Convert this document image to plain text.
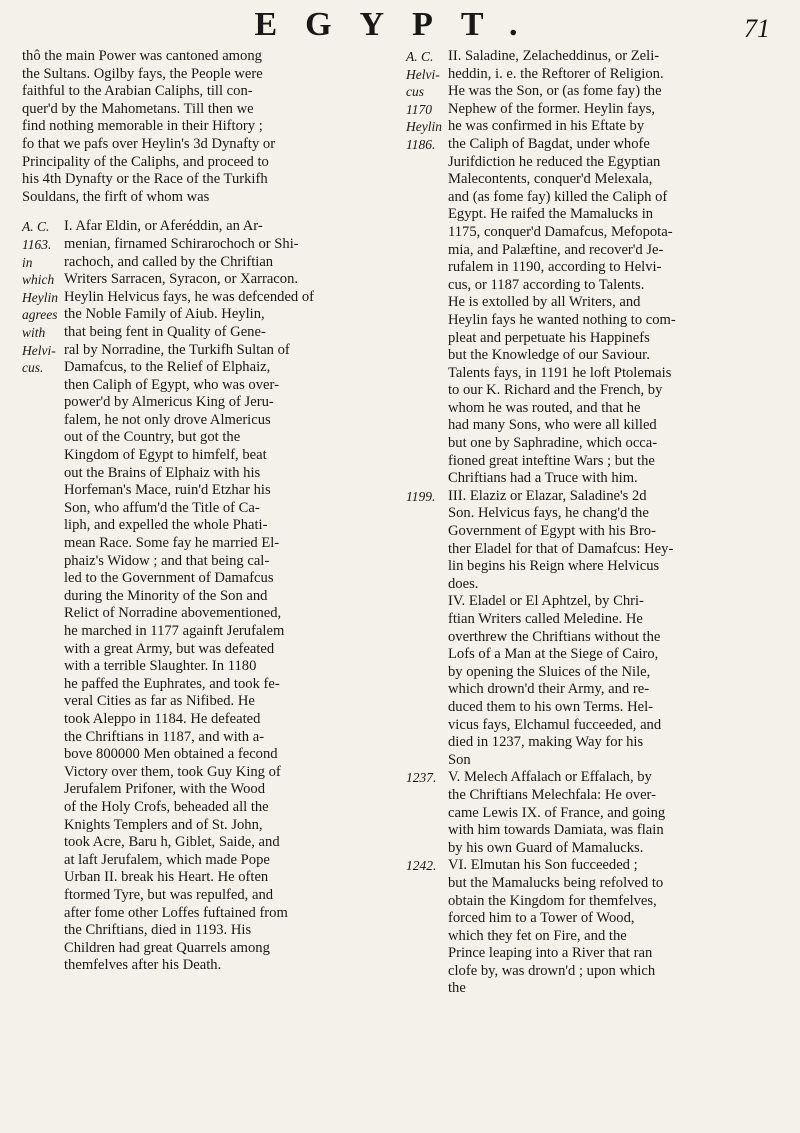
EGYPT.	71
thô the main Power was cantoned among
the Sultans. Ogilby fays, the People were
faithful to the Arabian Caliphs, till con-
quer'd by the Mahometans. Till then we
find nothing memorable in their Hiftory ;
fo that we pafs over Heylin's 3d Dynafty or
Principality of the Caliphs, and proceed to
his 4th Dynafty or the Race of the Turkifh
Souldans, the firft of whom was
A. C.
1163.
in
which
Heylin
agrees
with
Helvi-
cus.
I. Afar Eldin, or Aferéddin, an Ar-
menian, firnamed Schirarochoch or Shi-
rachoch, and called by the Chriftian
Writers Sarracen, Syracon, or Xarracon.
Heylin Helvicus fays, he was defcended of
the Noble Family of Aiub. Heylin,
that being fent in Quality of Gene-
ral by Norradine, the Turkifh Sultan of
Damafcus, to the Relief of Elphaiz,
then Caliph of Egypt, who was over-
power'd by Almericus King of Jeru-
falem, he not only drove Almericus
out of the Country, but got the
Kingdom of Egypt to himfelf, beat
out the Brains of Elphaiz with his
Horfeman's Mace, ruin'd Etzhar his
Son, who affum'd the Title of Ca-
liph, and expelled the whole Phati-
mean Race. Some fay he married El-
phaiz's Widow ; and that being cal-
led to the Government of Damafcus
during the Minority of the Son and
Relict of Norradine abovementioned,
he marched in 1177 againft Jerufalem
with a great Army, but was defeated
with a terrible Slaughter. In 1180
he paffed the Euphrates, and took fe-
veral Cities as far as Nifibed. He
took Aleppo in 1184. He defeated
the Chriftians in 1187, and with a-
bove 800000 Men obtained a fecond
Victory over them, took Guy King of
Jerufalem Prifoner, with the Wood
of the Holy Crofs, beheaded all the
Knights Templers and of St. John,
took Acre, Baru h, Giblet, Saide, and
at laft Jerufalem, which made Pope
Urban II. break his Heart. He often
ftormed Tyre, but was repulfed, and
after fome other Loffes fuftained from
the Chriftians, died in 1193. His
Children had great Quarrels among
themfelves after his Death.
A. C.
Helvi-
cus
1170
Heylin
1186.
II. Saladine, Zelacheddinus, or Zeli-
heddin, i. e. the Reftorer of Religion.
He was the Son, or (as fome fay) the
Nephew of the former. Heylin fays,
he was confirmed in his Eftate by
the Caliph of Bagdat, under whofe
Jurifdiction he reduced the Egyptian
Malecontents, conquer'd Melexala,
and (as fome fay) killed the Caliph of
Egypt. He raifed the Mamalucks in
1175, conquer'd Damafcus, Mefopota-
mia, and Palæftine, and recover'd Je-
rufalem in 1190, according to Helvi-
cus, or 1187 according to Talents.
He is extolled by all Writers, and
Heylin fays he wanted nothing to com-
pleat and perpetuate his Happinefs
but the Knowledge of our Saviour.
Talents fays, in 1191 he loft Ptolemais
to our K. Richard and the French, by
whom he was routed, and that he
had many Sons, who were all killed
but one by Saphradine, which occa-
fioned great inteftine Wars ; but the
Chriftians had a Truce with him.
1199. III. Elaziz or Elazar, Saladine's 2d
Son. Helvicus fays, he chang'd the
Government of Egypt with his Bro-
ther Eladel for that of Damafcus: Hey-
lin begins his Reign where Helvicus
does.
IV. Eladel or El Aphtzel, by Chri-
ftian Writers called Meledine. He
overthrew the Chriftians without the
Lofs of a Man at the Siege of Cairo,
by opening the Sluices of the Nile,
which drown'd their Army, and re-
duced them to his own Terms. Hel-
vicus fays, Elchamul fucceeded, and
died in 1237, making Way for his
Son
1237. V. Melech Affalach or Effalach, by
the Chriftians Melechfala: He over-
came Lewis IX. of France, and going
with him towards Damiata, was flain
by his own Guard of Mamalucks.
1242. VI. Elmutan his Son fucceeded ;
but the Mamalucks being refolved to
obtain the Kingdom for themfelves,
forced him to a Tower of Wood,
which they fet on Fire, and the
Prince leaping into a River that ran
clofe by, was drown'd ; upon which
the
